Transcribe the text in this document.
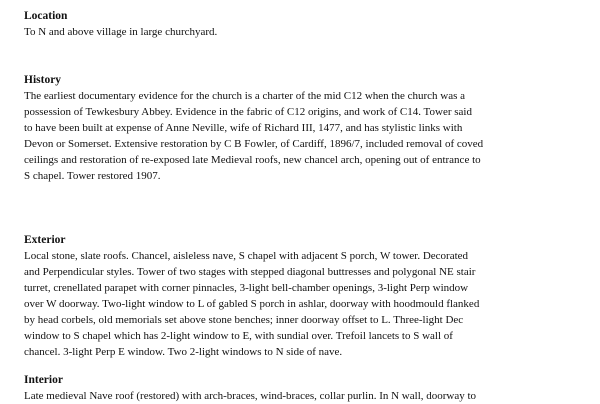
Location
To N and above village in large churchyard.
History
The earliest documentary evidence for the church is a charter of the mid C12 when the church was a
possession of Tewkesbury Abbey. Evidence in the fabric of C12 origins, and work of C14. Tower said
to have been built at expense of Anne Neville, wife of Richard III, 1477, and has stylistic links with
Devon or Somerset. Extensive restoration by C B Fowler, of Cardiff, 1896/7, included removal of coved
ceilings and restoration of re-exposed late Medieval roofs, new chancel arch, opening out of entrance to
S chapel. Tower restored 1907.
Exterior
Local stone, slate roofs. Chancel, aisleless nave, S chapel with adjacent S porch, W tower. Decorated
and Perpendicular styles. Tower of two stages with stepped diagonal buttresses and polygonal NE stair
turret, crenellated parapet with corner pinnacles, 3-light bell-chamber openings, 3-light Perp window
over W doorway. Two-light window to L of gabled S porch in ashlar, doorway with hoodmould flanked
by head corbels, old memorials set above stone benches; inner doorway offset to L. Three-light Dec
window to S chapel which has 2-light window to E, with sundial over. Trefoil lancets to S wall of
chancel. 3-light Perp E window. Two 2-light windows to N side of nave.
Interior
Late medieval Nave roof (restored) with arch-braces, wind-braces, collar purlin. In N wall, doorway to
